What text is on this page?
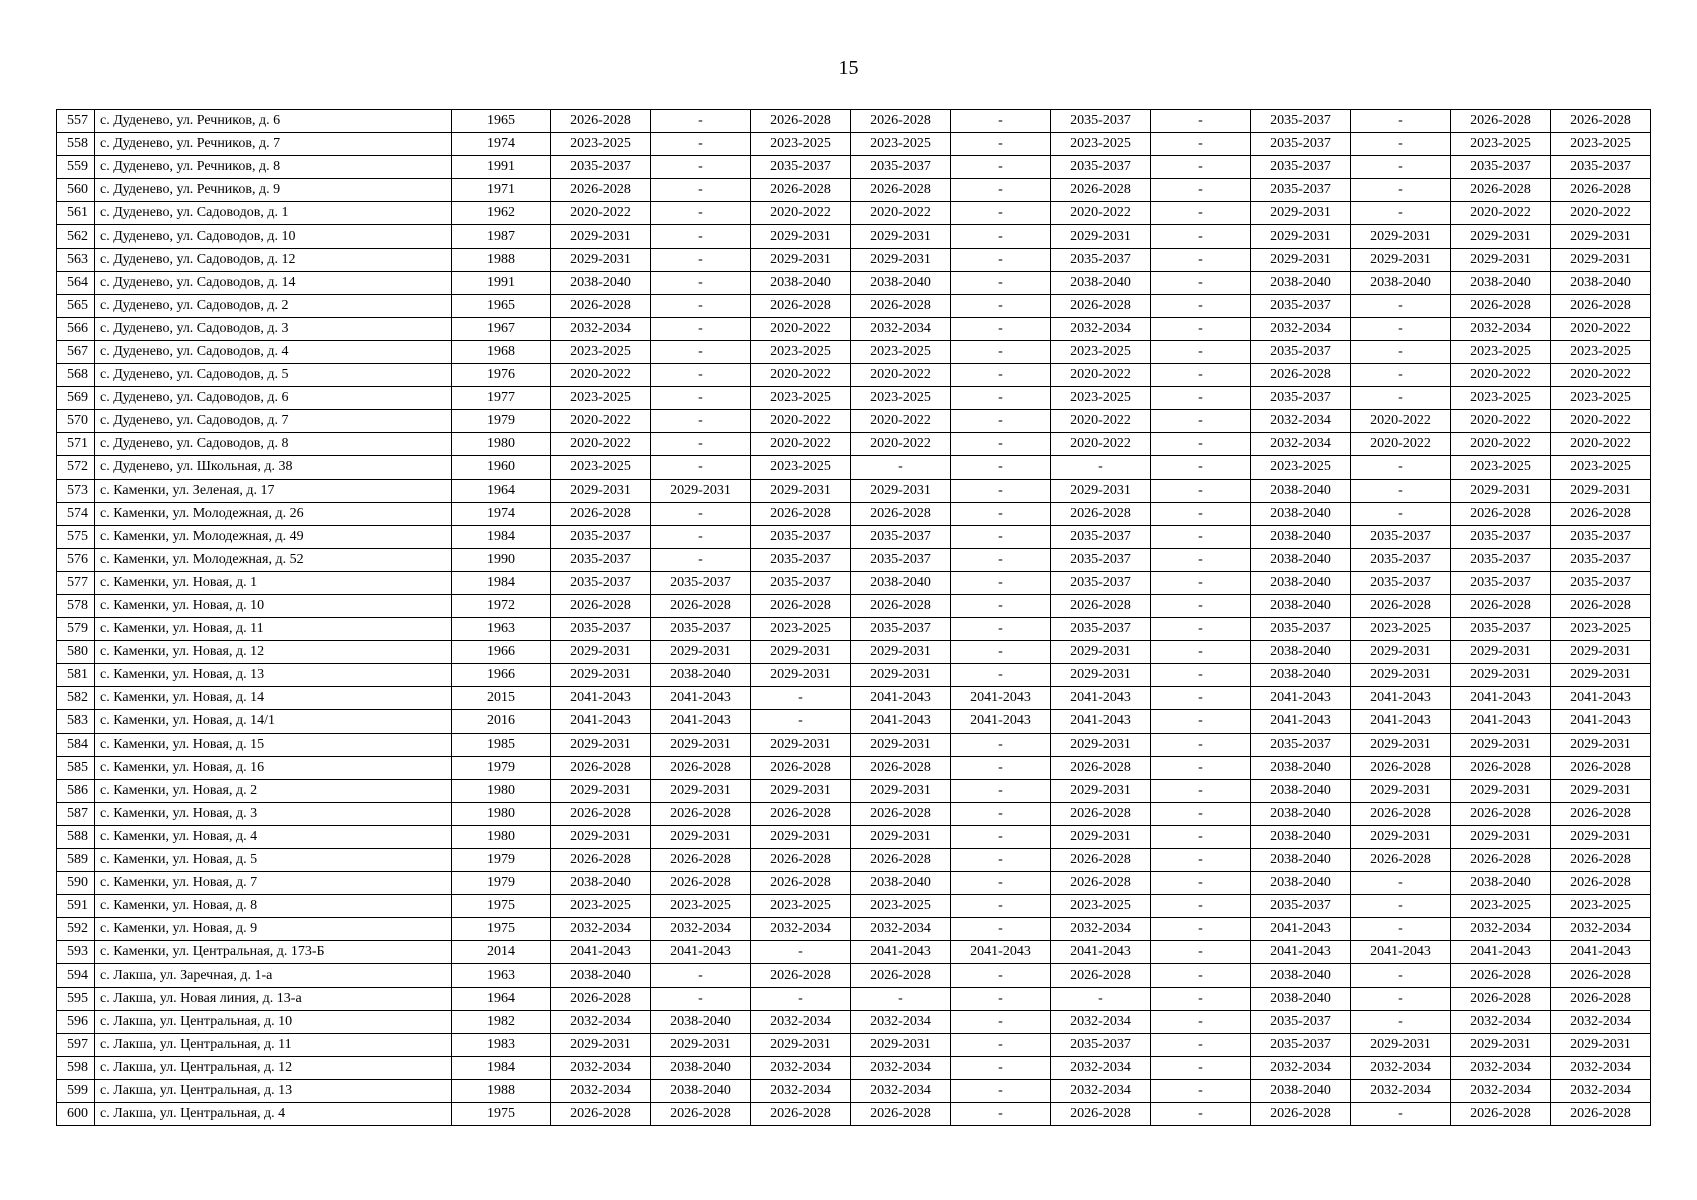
15
557	с. Дуденево, ул. Речников, д. 6	1965	2026-2028	-	2026-2028	2026-2028	-	2035-2037	-	2035-2037	-	2026-2028	2026-2028
558	с. Дуденево, ул. Речников, д. 7	1974	2023-2025	-	2023-2025	2023-2025	-	2023-2025	-	2035-2037	-	2023-2025	2023-2025
559	с. Дуденево, ул. Речников, д. 8	1991	2035-2037	-	2035-2037	2035-2037	-	2035-2037	-	2035-2037	-	2035-2037	2035-2037
560	с. Дуденево, ул. Речников, д. 9	1971	2026-2028	-	2026-2028	2026-2028	-	2026-2028	-	2035-2037	-	2026-2028	2026-2028
561	с. Дуденево, ул. Садоводов, д. 1	1962	2020-2022	-	2020-2022	2020-2022	-	2020-2022	-	2029-2031	-	2020-2022	2020-2022
562	с. Дуденево, ул. Садоводов, д. 10	1987	2029-2031	-	2029-2031	2029-2031	-	2029-2031	-	2029-2031	2029-2031	2029-2031	2029-2031
563	с. Дуденево, ул. Садоводов, д. 12	1988	2029-2031	-	2029-2031	2029-2031	-	2035-2037	-	2029-2031	2029-2031	2029-2031	2029-2031
564	с. Дуденево, ул. Садоводов, д. 14	1991	2038-2040	-	2038-2040	2038-2040	-	2038-2040	-	2038-2040	2038-2040	2038-2040	2038-2040
565	с. Дуденево, ул. Садоводов, д. 2	1965	2026-2028	-	2026-2028	2026-2028	-	2026-2028	-	2035-2037	-	2026-2028	2026-2028
566	с. Дуденево, ул. Садоводов, д. 3	1967	2032-2034	-	2020-2022	2032-2034	-	2032-2034	-	2032-2034	-	2032-2034	2020-2022
567	с. Дуденево, ул. Садоводов, д. 4	1968	2023-2025	-	2023-2025	2023-2025	-	2023-2025	-	2035-2037	-	2023-2025	2023-2025
568	с. Дуденево, ул. Садоводов, д. 5	1976	2020-2022	-	2020-2022	2020-2022	-	2020-2022	-	2026-2028	-	2020-2022	2020-2022
569	с. Дуденево, ул. Садоводов, д. 6	1977	2023-2025	-	2023-2025	2023-2025	-	2023-2025	-	2035-2037	-	2023-2025	2023-2025
570	с. Дуденево, ул. Садоводов, д. 7	1979	2020-2022	-	2020-2022	2020-2022	-	2020-2022	-	2032-2034	2020-2022	2020-2022	2020-2022
571	с. Дуденево, ул. Садоводов, д. 8	1980	2020-2022	-	2020-2022	2020-2022	-	2020-2022	-	2032-2034	2020-2022	2020-2022	2020-2022
572	с. Дуденево, ул. Школьная, д. 38	1960	2023-2025	-	2023-2025	-	-	-	-	2023-2025	-	2023-2025	2023-2025
573	с. Каменки, ул. Зеленая, д. 17	1964	2029-2031	2029-2031	2029-2031	2029-2031	-	2029-2031	-	2038-2040	-	2029-2031	2029-2031
574	с. Каменки, ул. Молодежная, д. 26	1974	2026-2028	-	2026-2028	2026-2028	-	2026-2028	-	2038-2040	-	2026-2028	2026-2028
575	с. Каменки, ул. Молодежная, д. 49	1984	2035-2037	-	2035-2037	2035-2037	-	2035-2037	-	2038-2040	2035-2037	2035-2037	2035-2037
576	с. Каменки, ул. Молодежная, д. 52	1990	2035-2037	-	2035-2037	2035-2037	-	2035-2037	-	2038-2040	2035-2037	2035-2037	2035-2037
577	с. Каменки, ул. Новая, д. 1	1984	2035-2037	2035-2037	2035-2037	2038-2040	-	2035-2037	-	2038-2040	2035-2037	2035-2037	2035-2037
578	с. Каменки, ул. Новая, д. 10	1972	2026-2028	2026-2028	2026-2028	2026-2028	-	2026-2028	-	2038-2040	2026-2028	2026-2028	2026-2028
579	с. Каменки, ул. Новая, д. 11	1963	2035-2037	2035-2037	2023-2025	2035-2037	-	2035-2037	-	2035-2037	2023-2025	2035-2037	2023-2025
580	с. Каменки, ул. Новая, д. 12	1966	2029-2031	2029-2031	2029-2031	2029-2031	-	2029-2031	-	2038-2040	2029-2031	2029-2031	2029-2031
581	с. Каменки, ул. Новая, д. 13	1966	2029-2031	2038-2040	2029-2031	2029-2031	-	2029-2031	-	2038-2040	2029-2031	2029-2031	2029-2031
582	с. Каменки, ул. Новая, д. 14	2015	2041-2043	2041-2043	-	2041-2043	2041-2043	2041-2043	-	2041-2043	2041-2043	2041-2043	2041-2043
583	с. Каменки, ул. Новая, д. 14/1	2016	2041-2043	2041-2043	-	2041-2043	2041-2043	2041-2043	-	2041-2043	2041-2043	2041-2043	2041-2043
584	с. Каменки, ул. Новая, д. 15	1985	2029-2031	2029-2031	2029-2031	2029-2031	-	2029-2031	-	2035-2037	2029-2031	2029-2031	2029-2031
585	с. Каменки, ул. Новая, д. 16	1979	2026-2028	2026-2028	2026-2028	2026-2028	-	2026-2028	-	2038-2040	2026-2028	2026-2028	2026-2028
586	с. Каменки, ул. Новая, д. 2	1980	2029-2031	2029-2031	2029-2031	2029-2031	-	2029-2031	-	2038-2040	2029-2031	2029-2031	2029-2031
587	с. Каменки, ул. Новая, д. 3	1980	2026-2028	2026-2028	2026-2028	2026-2028	-	2026-2028	-	2038-2040	2026-2028	2026-2028	2026-2028
588	с. Каменки, ул. Новая, д. 4	1980	2029-2031	2029-2031	2029-2031	2029-2031	-	2029-2031	-	2038-2040	2029-2031	2029-2031	2029-2031
589	с. Каменки, ул. Новая, д. 5	1979	2026-2028	2026-2028	2026-2028	2026-2028	-	2026-2028	-	2038-2040	2026-2028	2026-2028	2026-2028
590	с. Каменки, ул. Новая, д. 7	1979	2038-2040	2026-2028	2026-2028	2038-2040	-	2026-2028	-	2038-2040	-	2038-2040	2026-2028
591	с. Каменки, ул. Новая, д. 8	1975	2023-2025	2023-2025	2023-2025	2023-2025	-	2023-2025	-	2035-2037	-	2023-2025	2023-2025
592	с. Каменки, ул. Новая, д. 9	1975	2032-2034	2032-2034	2032-2034	2032-2034	-	2032-2034	-	2041-2043	-	2032-2034	2032-2034
593	с. Каменки, ул. Центральная, д. 173-Б	2014	2041-2043	2041-2043	-	2041-2043	2041-2043	2041-2043	-	2041-2043	2041-2043	2041-2043	2041-2043
594	с. Лакша, ул. Заречная, д. 1-а	1963	2038-2040	-	2026-2028	2026-2028	-	2026-2028	-	2038-2040	-	2026-2028	2026-2028
595	с. Лакша, ул. Новая линия, д. 13-а	1964	2026-2028	-	-	-	-	-	-	2038-2040	-	2026-2028	2026-2028
596	с. Лакша, ул. Центральная, д. 10	1982	2032-2034	2038-2040	2032-2034	2032-2034	-	2032-2034	-	2035-2037	-	2032-2034	2032-2034
597	с. Лакша, ул. Центральная, д. 11	1983	2029-2031	2029-2031	2029-2031	2029-2031	-	2035-2037	-	2035-2037	2029-2031	2029-2031	2029-2031
598	с. Лакша, ул. Центральная, д. 12	1984	2032-2034	2038-2040	2032-2034	2032-2034	-	2032-2034	-	2032-2034	2032-2034	2032-2034	2032-2034
599	с. Лакша, ул. Центральная, д. 13	1988	2032-2034	2038-2040	2032-2034	2032-2034	-	2032-2034	-	2038-2040	2032-2034	2032-2034	2032-2034
600	с. Лакша, ул. Центральная, д. 4	1975	2026-2028	2026-2028	2026-2028	2026-2028	-	2026-2028	-	2026-2028	-	2026-2028	2026-2028
